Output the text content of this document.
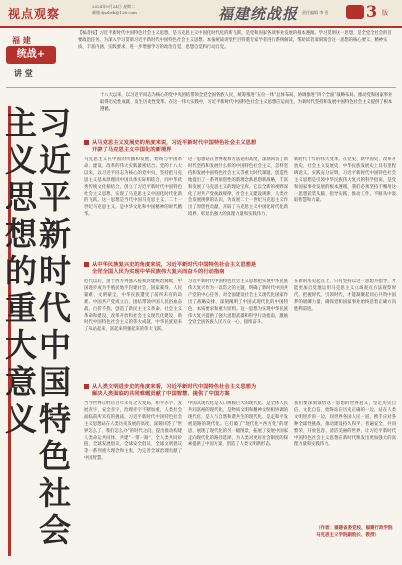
视点观察
2024年9月24日 星期二
邮箱:fjszbsh@126.com	福建统战报 责任编辑 李 晋 3 版
福 建
统战+
讲 堂
【编者按】习近平新时代中国特色社会主义思想，是马克思主义中国化时代化的新飞跃，是党和国家各项事业发展的根本遵循。学习贯彻这一思想，是全党全社会的首要政治任务。为深入学习贯彻习近平新时代中国特色社会主义思想，本报统战讲堂栏目特邀专家学者进行系统解读，帮助读者深刻领会这一思想的核心要义、精神实质、丰富内涵、实践要求，进一步增强学习的政治自觉、思想自觉和行动自觉。
十八大以来，以习近平同志为核心的党中央团结带领全党全国各族人民，统筹推进“五位一体”总体布局，协调推进“四个全面”战略布局，推动党和国家事业取得历史性成就、发生历史性变革。在这一伟大实践中，习近平新时代中国特色社会主义思想应运而生，为新时代坚持和发展中国特色社会主义提供了根本遵循。
习近平新时代中国特色社会主义思想的重大意义	从马克思主义发展史的角度来说，习近平新时代中国特色社会主义思想
开辟了马克思主义中国化的新境界
马克思主义在中国的传播和发展，始终与中国革命、建设、改革的伟大实践紧密结合。党的十八大以来，以习近平同志为核心的党中央，坚持把马克思主义基本原理同中国具体实际相结合、同中华优秀传统文化相结合，创立了习近平新时代中国特色社会主义思想，实现了马克思主义中国化时代化新的飞跃。这一思想是当代中国马克思主义、二十一世纪马克思主义，是中华文化和中国精神的时代精华。
这一思想站在世界观和方法论的高度，深刻回答了新时代坚持和发展什么样的中国特色社会主义、怎样坚持和发展中国特色社会主义等重大时代课题，创造性地提出了一系列原创性的新理念新思想新战略，丰富和发展了马克思主义的理论宝库。它以全新的视野深化了对共产党执政规律、社会主义建设规律、人类社会发展规律的认识，为发展二十一世纪马克思主义作出了原创性贡献，开辟了马克思主义中国化时代化新境界，彰显出强大的真理力量和实践伟力。
新时代十年的伟大变革，在党史、新中国史、改革开放史、社会主义发展史、中华民族发展史上具有里程碑意义。实践充分证明，习近平新时代中国特色社会主义思想是引领中华民族伟大复兴的科学指南，是党和国家事业发展的根本遵循，我们必须坚持不懈用这一思想武装头脑、指导实践、推动工作，不断从中汲取智慧和力量。
从中华民族复兴史的角度来说，习近平新时代中国特色社会主义思想是
全党全国人民为实现中华民族伟大复兴而奋斗的行动指南
近代以后，由于西方列强入侵和封建统治腐败，中国逐步成为半殖民地半封建社会，国家蒙辱、人民蒙难、文明蒙尘，中华民族遭受了前所未有的劫难。中国共产党成立后，团结带领中国人民浴血奋战、百折不挠，创造了新民主主义革命、社会主义革命和建设、改革开放和社会主义现代化建设、新时代中国特色社会主义的伟大成就，中华民族迎来了从站起来、富起来到强起来的伟大飞跃。
习近平新时代中国特色社会主义思想把实现中华民族伟大复兴作为一以贯之的主题，明确了新时代中国共产党的中心任务，对全面建设社会主义现代化国家作出了战略安排，深刻阐明了中国式现代化的中国特色、本质要求和重大原则。这一思想为实现中华民族伟大复兴提供了强大思想武器和科学行动指南，激励全党全国各族人民万众一心、接续奋斗。
在新的历史起点上，只有坚持以这一思想为指导，才能更加自觉地运用马克思主义立场观点方法观察时代、把握时代、引领时代，才能凝聚起同心共筑中国梦的磅礴力量，确保党和国家事业始终沿着正确方向胜利前进。
从人类文明进步史的角度来看，习近平新时代中国特色社会主义思想为
解决人类面临的共同难题贡献了中国智慧、提供了中国方案
当今世界正经历百年未有之大变局，和平赤字、发展赤字、安全赤字、治理赤字不断加重，人类社会面临前所未有的挑战。习近平新时代中国特色社会主义思想站在人类历史发展的高度，深刻回答了“世界怎么了、我们怎么办”的时代之问，提出推动构建人类命运共同体、共建“一带一路”、全人类共同价值、全球发展倡议、全球安全倡议、全球文明倡议等一系列重大理念和主张，为完善全球治理贡献了中国智慧。
中国式现代化是人口规模巨大的现代化、是全体人民共同富裕的现代化、是物质文明和精神文明相协调的现代化、是人与自然和谐共生的现代化、是走和平发展道路的现代化。它打破了“现代化=西方化”的迷思，展现了现代化的另一幅图景，拓展了发展中国家走向现代化的路径选择，为人类对更好社会制度的探索提供了中国方案，创造了人类文明新形态。
我们要深刻领悟这一思想的世界意义，坚定历史自信、文化自信，始终站在历史正确的一边、站在人类文明进步的一边，同世界各国人民一道，携手应对各种全球性挑战，推动建设持久和平、普遍安全、共同繁荣、开放包容、清洁美丽的世界，让习近平新时代中国特色社会主义思想在新时代焕发出更加强大的真理力量和实践伟力。
（作者：福建省委党校、福建行政学院 马克思主义学院副院长、教授）
